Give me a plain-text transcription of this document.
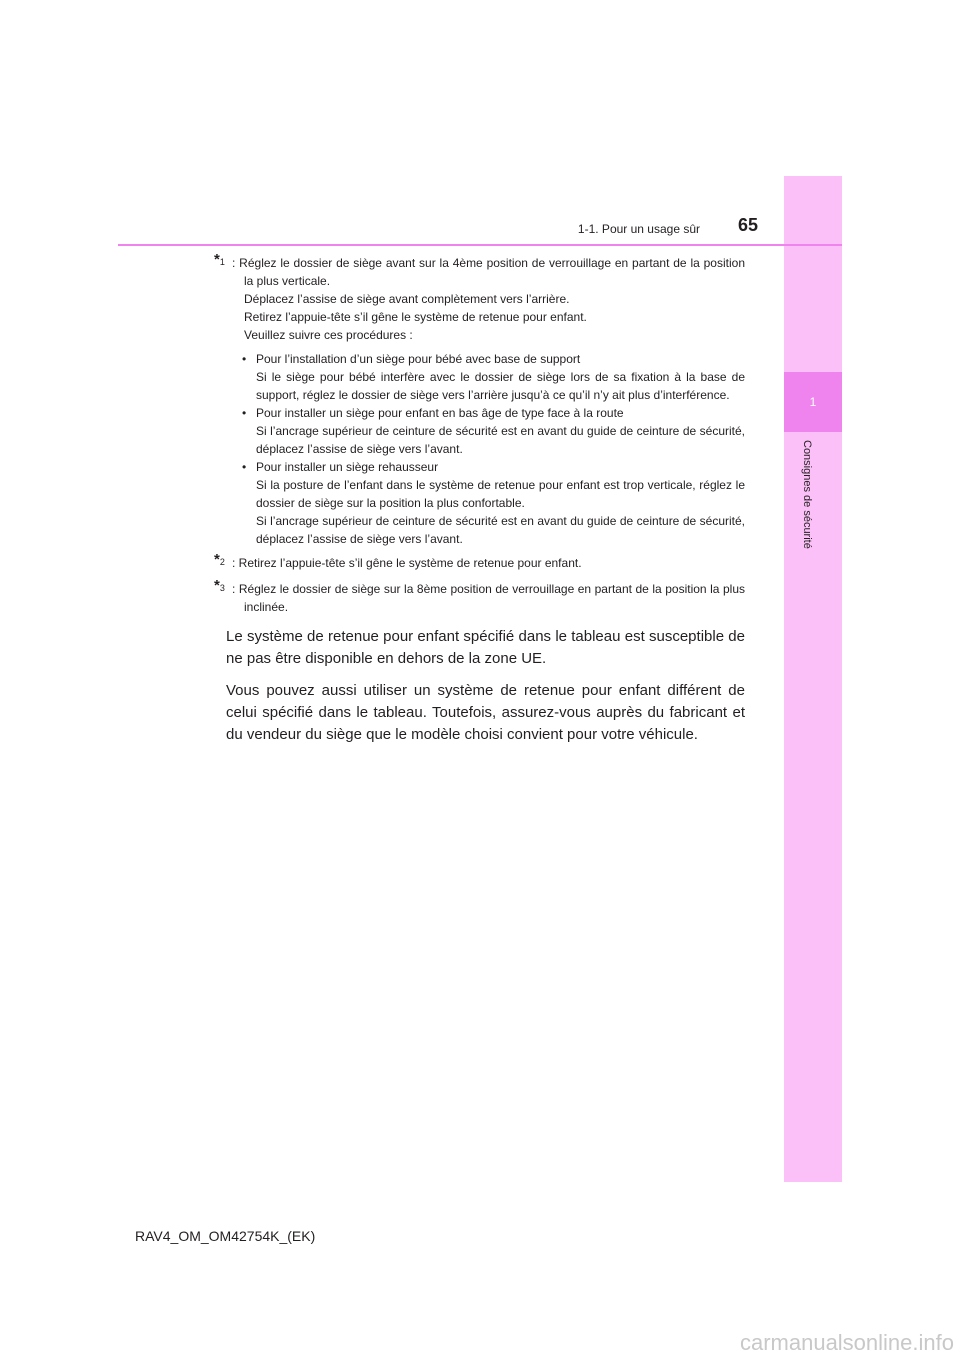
1
Consignes de sécurité
1-1. Pour un usage sûr 65
*$^1$ : Réglez le dossier de siège avant sur la 4ème position de verrouillage en partant de la position la plus verticale.
Déplacez l’assise de siège avant complètement vers l’arrière.
Retirez l’appuie-tête s’il gêne le système de retenue pour enfant.
Veuillez suivre ces procédures :
• Pour l’installation d’un siège pour bébé avec base de support
Si le siège pour bébé interfère avec le dossier de siège lors de sa fixation à la base de support, réglez le dossier de siège vers l’arrière jusqu’à ce qu’il n’y ait plus d’interférence.
• Pour installer un siège pour enfant en bas âge de type face à la route
Si l’ancrage supérieur de ceinture de sécurité est en avant du guide de ceinture de sécurité, déplacez l’assise de siège vers l’avant.
• Pour installer un siège rehausseur
Si la posture de l’enfant dans le système de retenue pour enfant est trop verticale, réglez le dossier de siège sur la position la plus confortable.
Si l’ancrage supérieur de ceinture de sécurité est en avant du guide de ceinture de sécurité, déplacez l’assise de siège vers l’avant.
*$^2$ : Retirez l’appuie-tête s’il gêne le système de retenue pour enfant.
*$^3$ : Réglez le dossier de siège sur la 8ème position de verrouillage en partant de la position la plus inclinée.

Le système de retenue pour enfant spécifié dans le tableau est susceptible de ne pas être disponible en dehors de la zone UE.

Vous pouvez aussi utiliser un système de retenue pour enfant différent de celui spécifié dans le tableau. Toutefois, assurez-vous auprès du fabricant et du vendeur du siège que le modèle choisi convient pour votre véhicule.

RAV4_OM_OM42754K_(EK)
carmanualsonline.info
